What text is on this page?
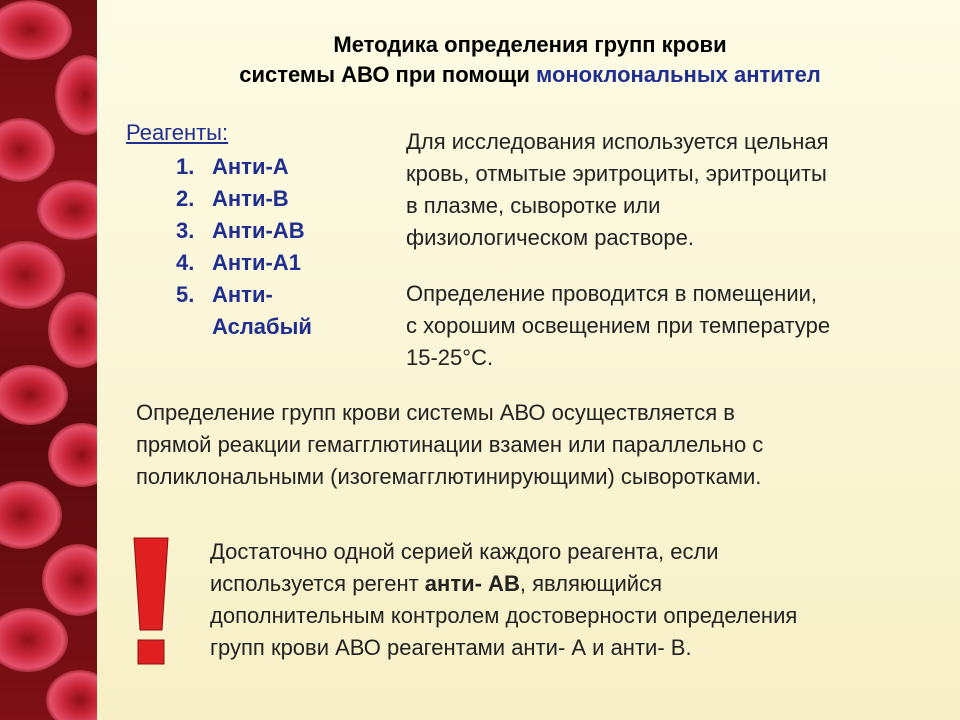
Методика определения групп крови
системы АВО при помощи моноклональных антител
Реагенты:
1. Анти-А
2. Анти-В
3. Анти-АВ
4. Анти-А1
5. Анти-
Аслабый
Для исследования используется цельная
кровь, отмытые эритроциты, эритроциты
в плазме, сыворотке или
физиологическом растворе.
Определение проводится в помещении,
с хорошим освещением при температуре
15-25°С.
Определение групп крови системы АВО осуществляется в
прямой реакции гемагглютинации взамен или параллельно с
поликлональными (изогемагглютинирующими) сыворотками.
Достаточно одной серией каждого реагента, если
используется регент анти- АВ, являющийся
дополнительным контролем достоверности определения
групп крови АВО реагентами анти- А и анти- В.
